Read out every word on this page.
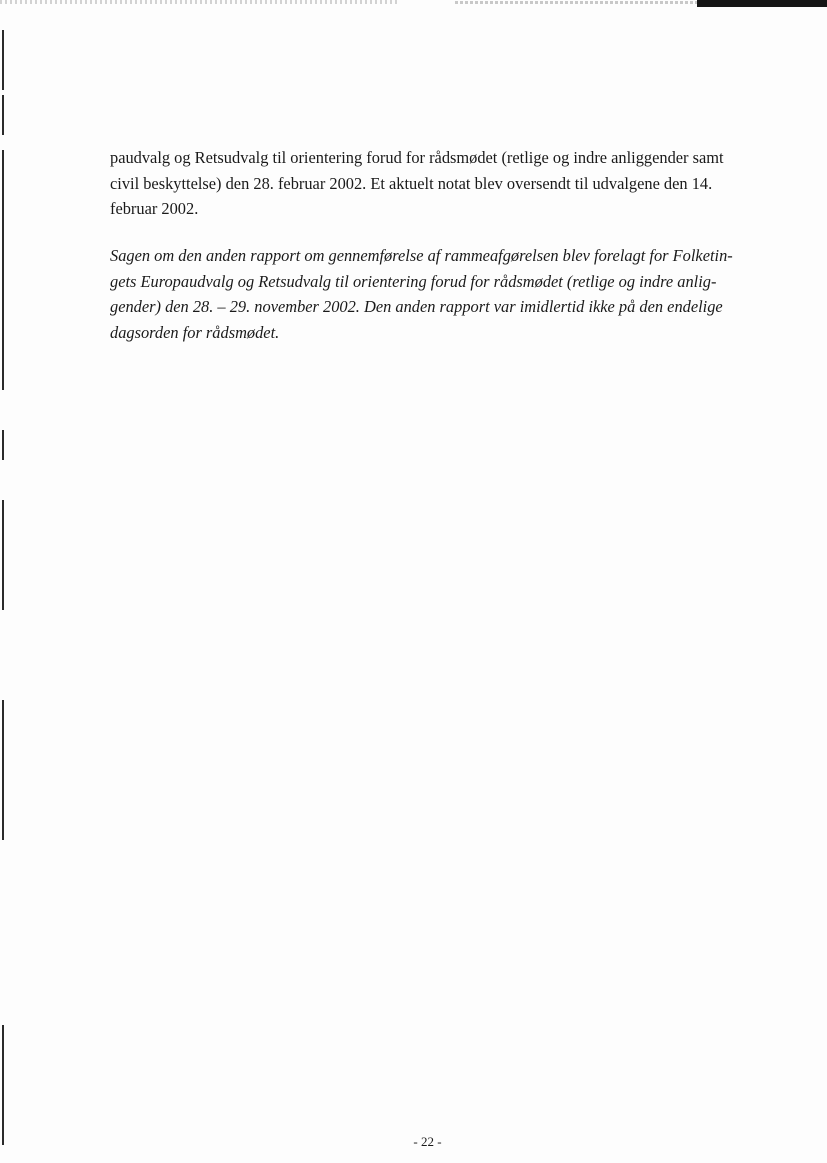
paudvalg og Retsudvalg til orientering forud for rådsmødet (retlige og indre anliggender samt
civil beskyttelse) den 28. februar 2002. Et aktuelt notat blev oversendt til udvalgene den 14.
februar 2002.

Sagen om den anden rapport om gennemførelse af rammeafgørelsen blev forelagt for Folketin-
gets Europaudvalg og Retsudvalg til orientering forud for rådsmødet (retlige og indre anlig-
gender) den 28. – 29. november 2002. Den anden rapport var imidlertid ikke på den endelige
dagsorden for rådsmødet.

- 22 -
